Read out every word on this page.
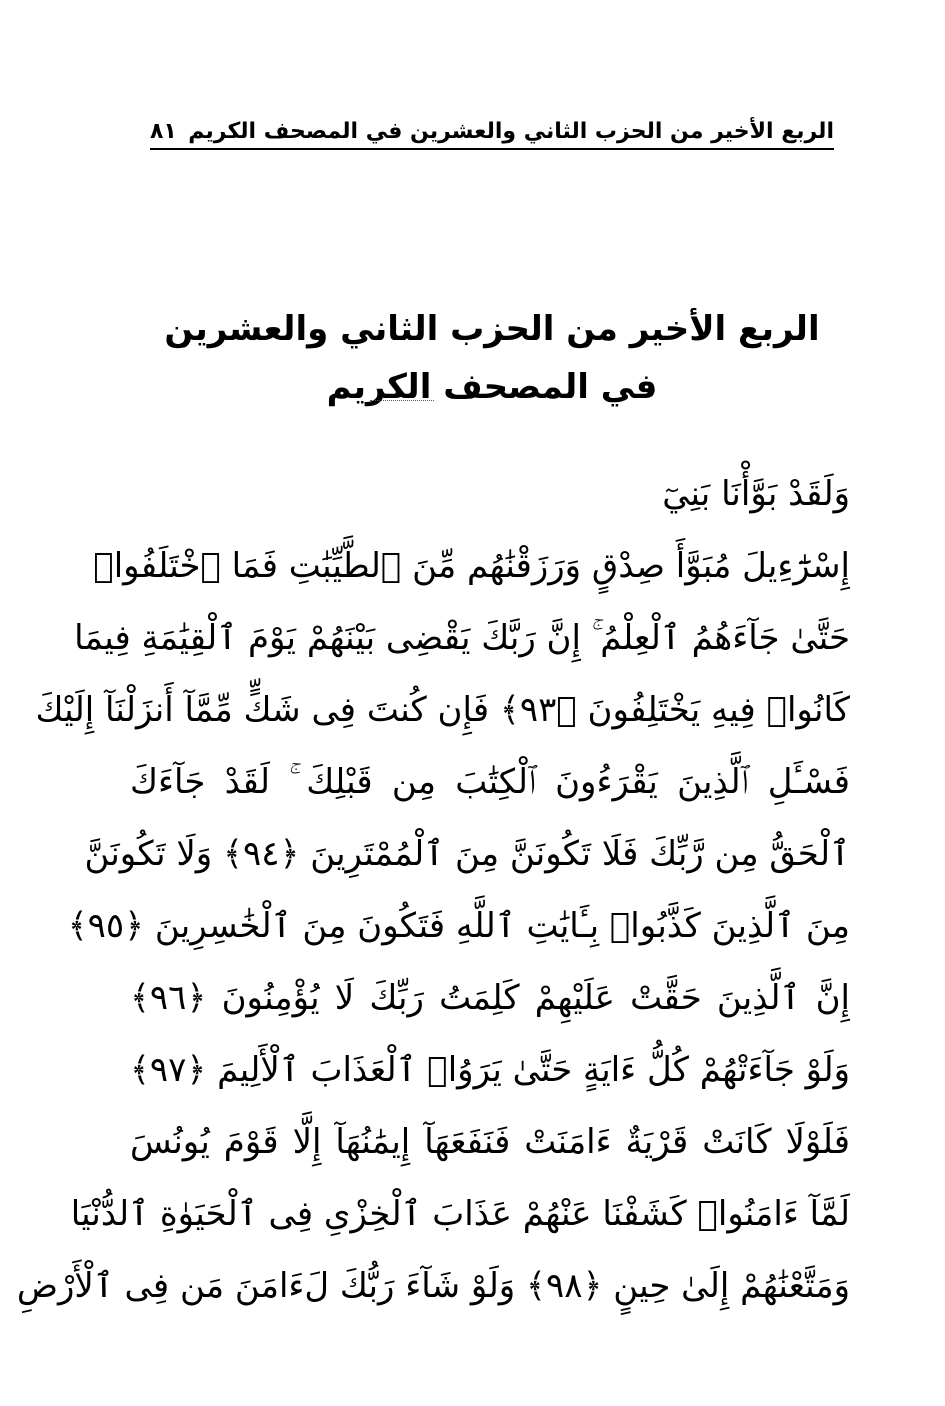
الربع الأخير من الحزب الثاني والعشرين في المصحف الكريم
٨١
الربع الأخير من الحزب الثاني والعشرين
في المصحف الكريم
وَلَقَدْ بَوَّأْنَا بَنِيٓ
إِسْرَٰٓءِيلَ مُبَوَّأَ صِدْقٍ وَرَزَقْنَٰهُم مِّنَ ٱلطَّيِّبَٰتِ فَمَا ٱخْتَلَفُوا۟
حَتَّىٰ جَآءَهُمُ ٱلْعِلْمُ ۚ إِنَّ رَبَّكَ يَقْضِى بَيْنَهُمْ يَوْمَ ٱلْقِيَٰمَةِ فِيمَا
كَانُوا۟ فِيهِ يَخْتَلِفُونَ ﴿٩٣﴾ فَإِن كُنتَ فِى شَكٍّ مِّمَّآ أَنزَلْنَآ إِلَيْكَ
فَسْـَٔلِ ٱلَّذِينَ يَقْرَءُونَ ٱلْكِتَٰبَ مِن قَبْلِكَ ۚ لَقَدْ جَآءَكَ
ٱلْحَقُّ مِن رَّبِّكَ فَلَا تَكُونَنَّ مِنَ ٱلْمُمْتَرِينَ ﴿٩٤﴾ وَلَا تَكُونَنَّ
مِنَ ٱلَّذِينَ كَذَّبُوا۟ بِـَٔايَٰتِ ٱللَّهِ فَتَكُونَ مِنَ ٱلْخَٰسِرِينَ ﴿٩٥﴾
إِنَّ ٱلَّذِينَ حَقَّتْ عَلَيْهِمْ كَلِمَتُ رَبِّكَ لَا يُؤْمِنُونَ ﴿٩٦﴾
وَلَوْ جَآءَتْهُمْ كُلُّ ءَايَةٍ حَتَّىٰ يَرَوُا۟ ٱلْعَذَابَ ٱلْأَلِيمَ ﴿٩٧﴾
فَلَوْلَا كَانَتْ قَرْيَةٌ ءَامَنَتْ فَنَفَعَهَآ إِيمَٰنُهَآ إِلَّا قَوْمَ يُونُسَ
لَمَّآ ءَامَنُوا۟ كَشَفْنَا عَنْهُمْ عَذَابَ ٱلْخِزْىِ فِى ٱلْحَيَوٰةِ ٱلدُّنْيَا
وَمَتَّعْنَٰهُمْ إِلَىٰ حِينٍ ﴿٩٨﴾ وَلَوْ شَآءَ رَبُّكَ لَءَامَنَ مَن فِى ٱلْأَرْضِ
